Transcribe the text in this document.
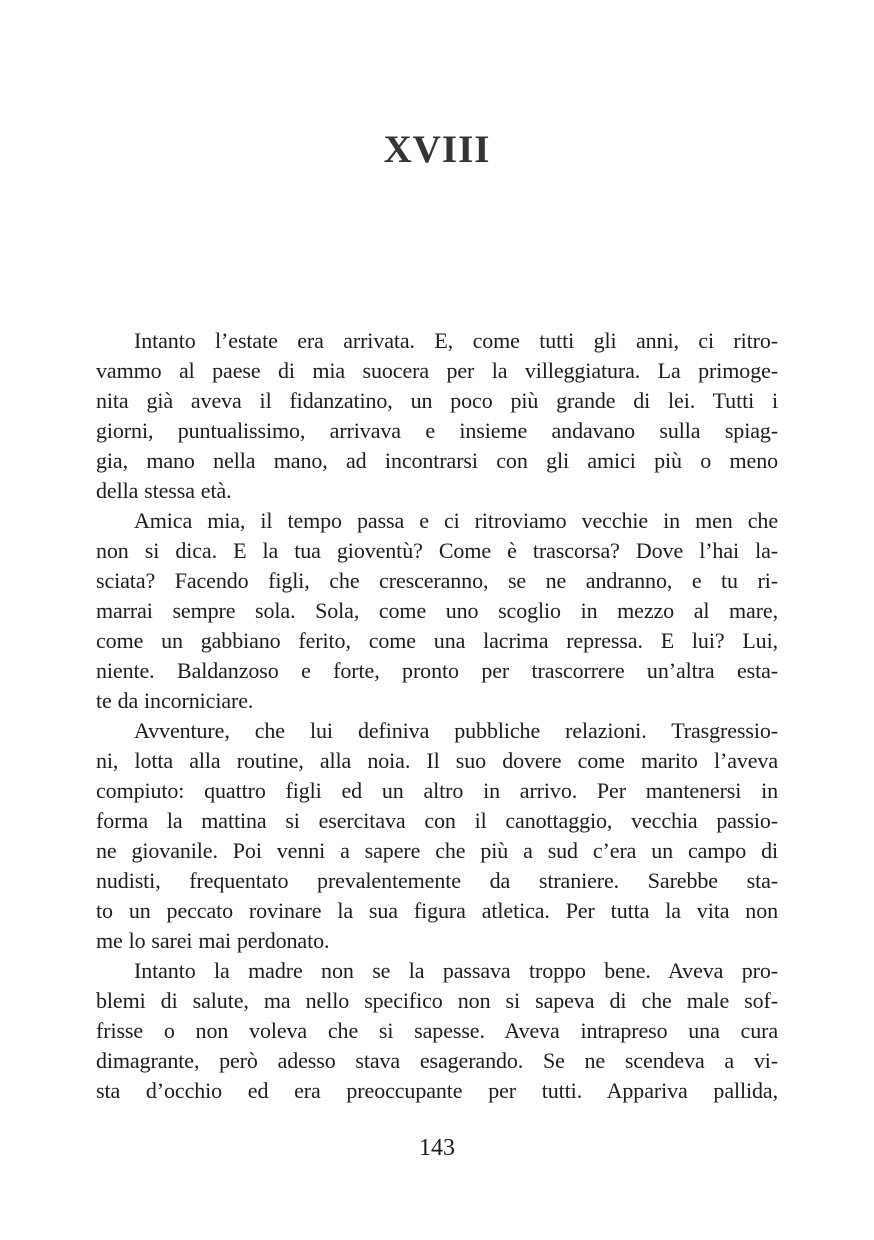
XVIII
Intanto l’estate era arrivata. E, come tutti gli anni, ci ritro-
vammo al paese di mia suocera per la villeggiatura. La primoge-
nita già aveva il fidanzatino, un poco più grande di lei. Tutti i
giorni, puntualissimo, arrivava e insieme andavano sulla spiag-
gia, mano nella mano, ad incontrarsi con gli amici più o meno
della stessa età.
Amica mia, il tempo passa e ci ritroviamo vecchie in men che
non si dica. E la tua gioventù? Come è trascorsa? Dove l’hai la-
sciata? Facendo figli, che cresceranno, se ne andranno, e tu ri-
marrai sempre sola. Sola, come uno scoglio in mezzo al mare,
come un gabbiano ferito, come una lacrima repressa. E lui? Lui,
niente. Baldanzoso e forte, pronto per trascorrere un’altra esta-
te da incorniciare.
Avventure, che lui definiva pubbliche relazioni. Trasgressio-
ni, lotta alla routine, alla noia. Il suo dovere come marito l’aveva
compiuto: quattro figli ed un altro in arrivo. Per mantenersi in
forma la mattina si esercitava con il canottaggio, vecchia passio-
ne giovanile. Poi venni a sapere che più a sud c’era un campo di
nudisti, frequentato prevalentemente da straniere. Sarebbe sta-
to un peccato rovinare la sua figura atletica. Per tutta la vita non
me lo sarei mai perdonato.
Intanto la madre non se la passava troppo bene. Aveva pro-
blemi di salute, ma nello specifico non si sapeva di che male sof-
frisse o non voleva che si sapesse. Aveva intrapreso una cura
dimagrante, però adesso stava esagerando. Se ne scendeva a vi-
sta d’occhio ed era preoccupante per tutti. Appariva pallida,
143
